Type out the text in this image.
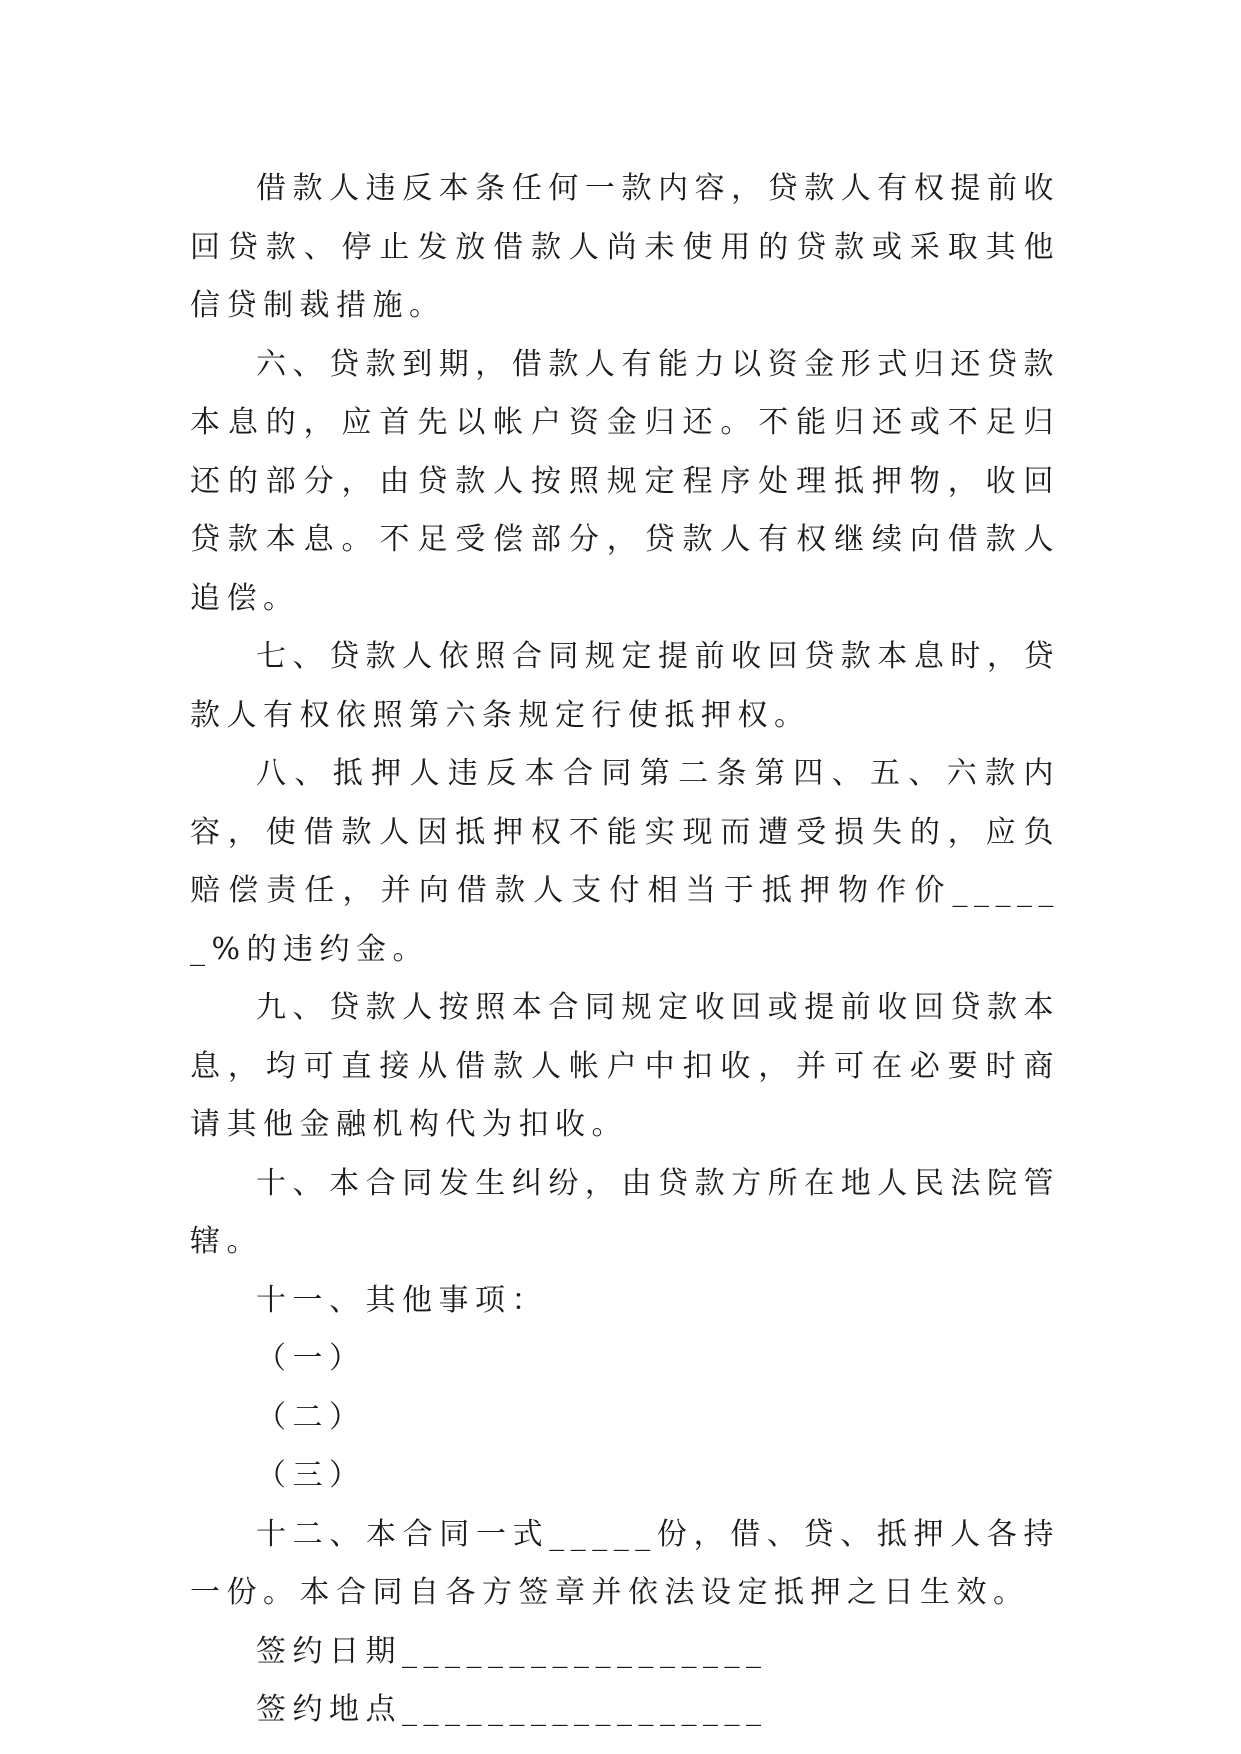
借款人违反本条任何一款内容，贷款人有权提前收回贷款、停止发放借款人尚未使用的贷款或采取其他信贷制裁措施。

六、贷款到期，借款人有能力以资金形式归还贷款本息的，应首先以帐户资金归还。不能归还或不足归还的部分，由贷款人按照规定程序处理抵押物，收回贷款本息。不足受偿部分，贷款人有权继续向借款人追偿。

七、贷款人依照合同规定提前收回贷款本息时，贷款人有权依照第六条规定行使抵押权。

八、抵押人违反本合同第二条第四、五、六款内容，使借款人因抵押权不能实现而遭受损失的，应负赔偿责任，并向借款人支付相当于抵押物作价______%的违约金。

九、贷款人按照本合同规定收回或提前收回贷款本息，均可直接从借款人帐户中扣收，并可在必要时商请其他金融机构代为扣收。

十、本合同发生纠纷，由贷款方所在地人民法院管辖。

十一、其他事项：

（一）

（二）

（三）

十二、本合同一式_____份，借、贷、抵押人各持一份。本合同自各方签章并依法设定抵押之日生效。

签约日期_________________

签约地点_________________
